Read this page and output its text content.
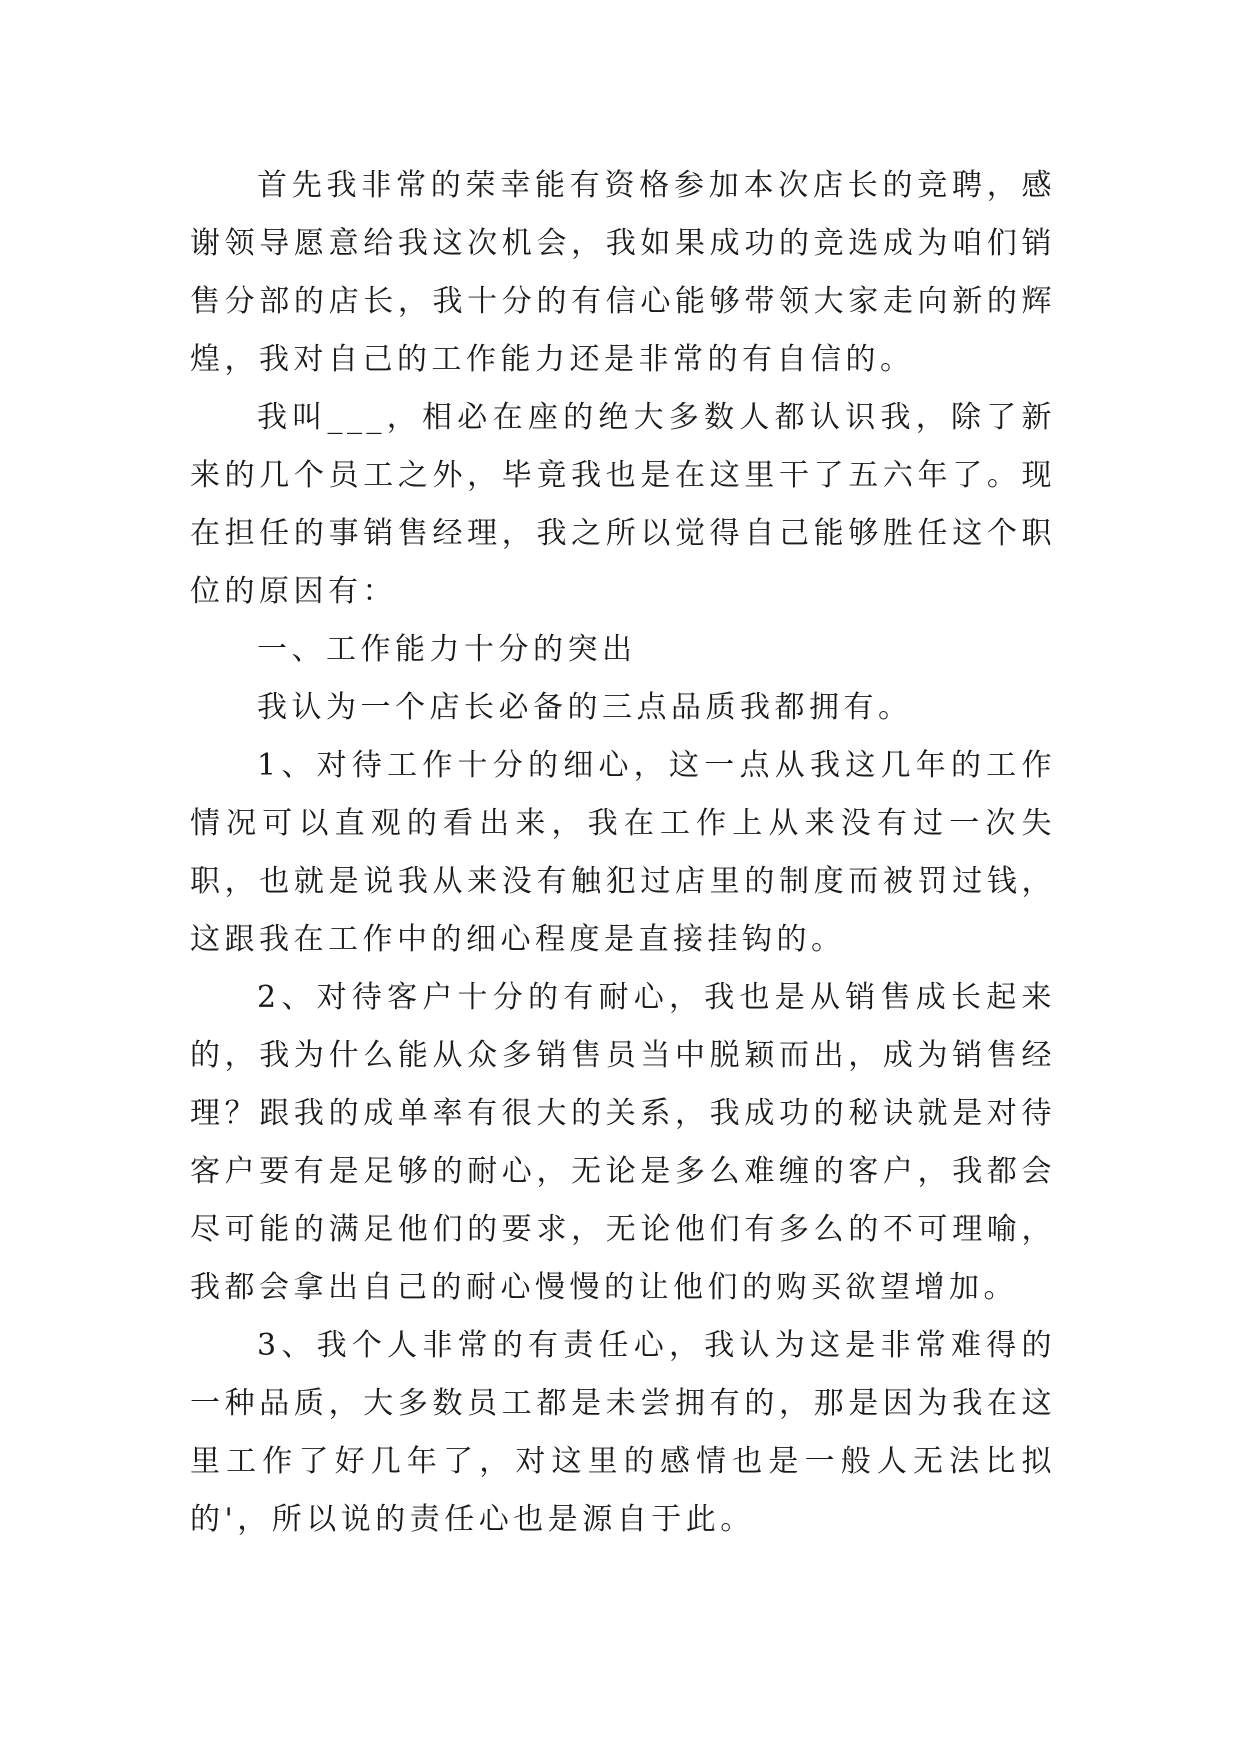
首先我非常的荣幸能有资格参加本次店长的竞聘，感谢领导愿意给我这次机会，我如果成功的竞选成为咱们销售分部的店长，我十分的有信心能够带领大家走向新的辉煌，我对自己的工作能力还是非常的有自信的。

我叫___，相必在座的绝大多数人都认识我，除了新来的几个员工之外，毕竟我也是在这里干了五六年了。现在担任的事销售经理，我之所以觉得自己能够胜任这个职位的原因有：

一、工作能力十分的突出

我认为一个店长必备的三点品质我都拥有。

1、对待工作十分的细心，这一点从我这几年的工作情况可以直观的看出来，我在工作上从来没有过一次失职，也就是说我从来没有触犯过店里的制度而被罚过钱，这跟我在工作中的细心程度是直接挂钩的。

2、对待客户十分的有耐心，我也是从销售成长起来的，我为什么能从众多销售员当中脱颖而出，成为销售经理？跟我的成单率有很大的关系，我成功的秘诀就是对待客户要有是足够的耐心，无论是多么难缠的客户，我都会尽可能的满足他们的要求，无论他们有多么的不可理喻，我都会拿出自己的耐心慢慢的让他们的购买欲望增加。

3、我个人非常的有责任心，我认为这是非常难得的一种品质，大多数员工都是未尝拥有的，那是因为我在这里工作了好几年了，对这里的感情也是一般人无法比拟的'，所以说的责任心也是源自于此。
